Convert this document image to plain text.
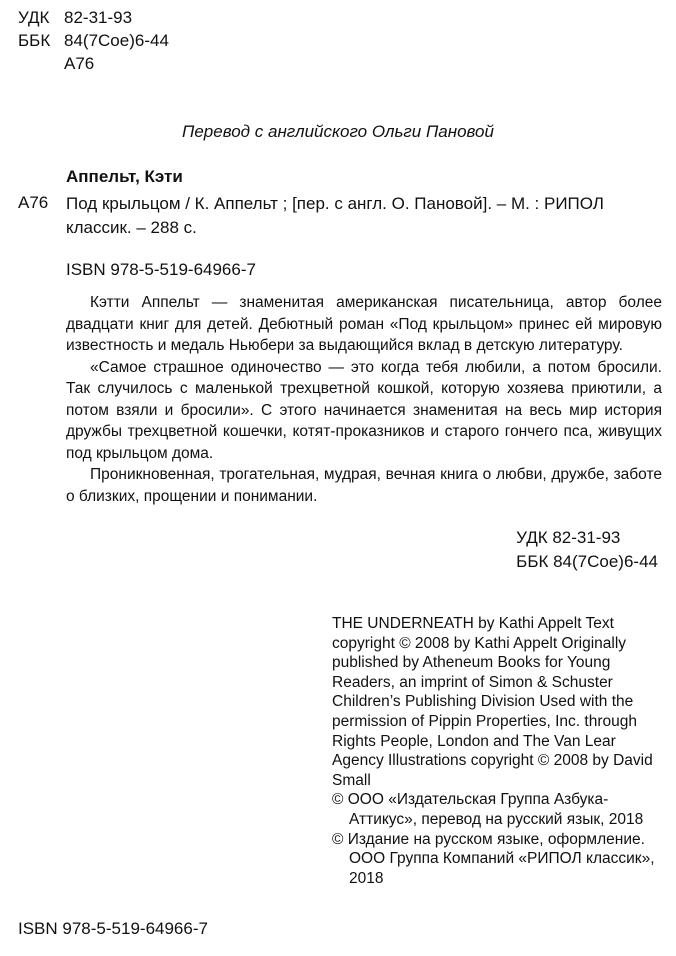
УДК 82-31-93
ББК 84(7Сое)6-44
А76
Перевод с английского Ольги Пановой
Аппельт, Кэти
А76 Под крыльцом / К. Аппельт ; [пер. с англ. О. Пановой]. – М. : РИПОЛ классик. – 288 с.
ISBN 978-5-519-64966-7

Кэтти Аппельт — знаменитая американская писательница, автор более двадцати книг для детей. Дебютный роман «Под крыльцом» принес ей мировую известность и медаль Ньюбери за выдающийся вклад в детскую литературу.

«Самое страшное одиночество — это когда тебя любили, а потом бросили. Так случилось с маленькой трехцветной кошкой, которую хозяева приютили, а потом взяли и бросили». С этого начинается знаменитая на весь мир история дружбы трехцветной кошечки, котят-проказников и старого гончего пса, живущих под крыльцом дома.

Проникновенная, трогательная, мудрая, вечная книга о любви, дружбе, заботе о близких, прощении и понимании.

УДК 82-31-93
ББК 84(7Сое)6-44

THE UNDERNEATH by Kathi Appelt Text copyright © 2008 by Kathi Appelt Originally published by Atheneum Books for Young Readers, an imprint of Simon & Schuster Children’s Publishing Division Used with the permission of Pippin Properties, Inc. through Rights People, London and The Van Lear Agency Illustrations copyright © 2008 by David Small

© ООО «Издательская Группа Азбука-Аттикус», перевод на русский язык, 2018

© Издание на русском языке, оформление. ООО Группа Компаний «РИПОЛ классик», 2018

ISBN 978-5-519-64966-7
